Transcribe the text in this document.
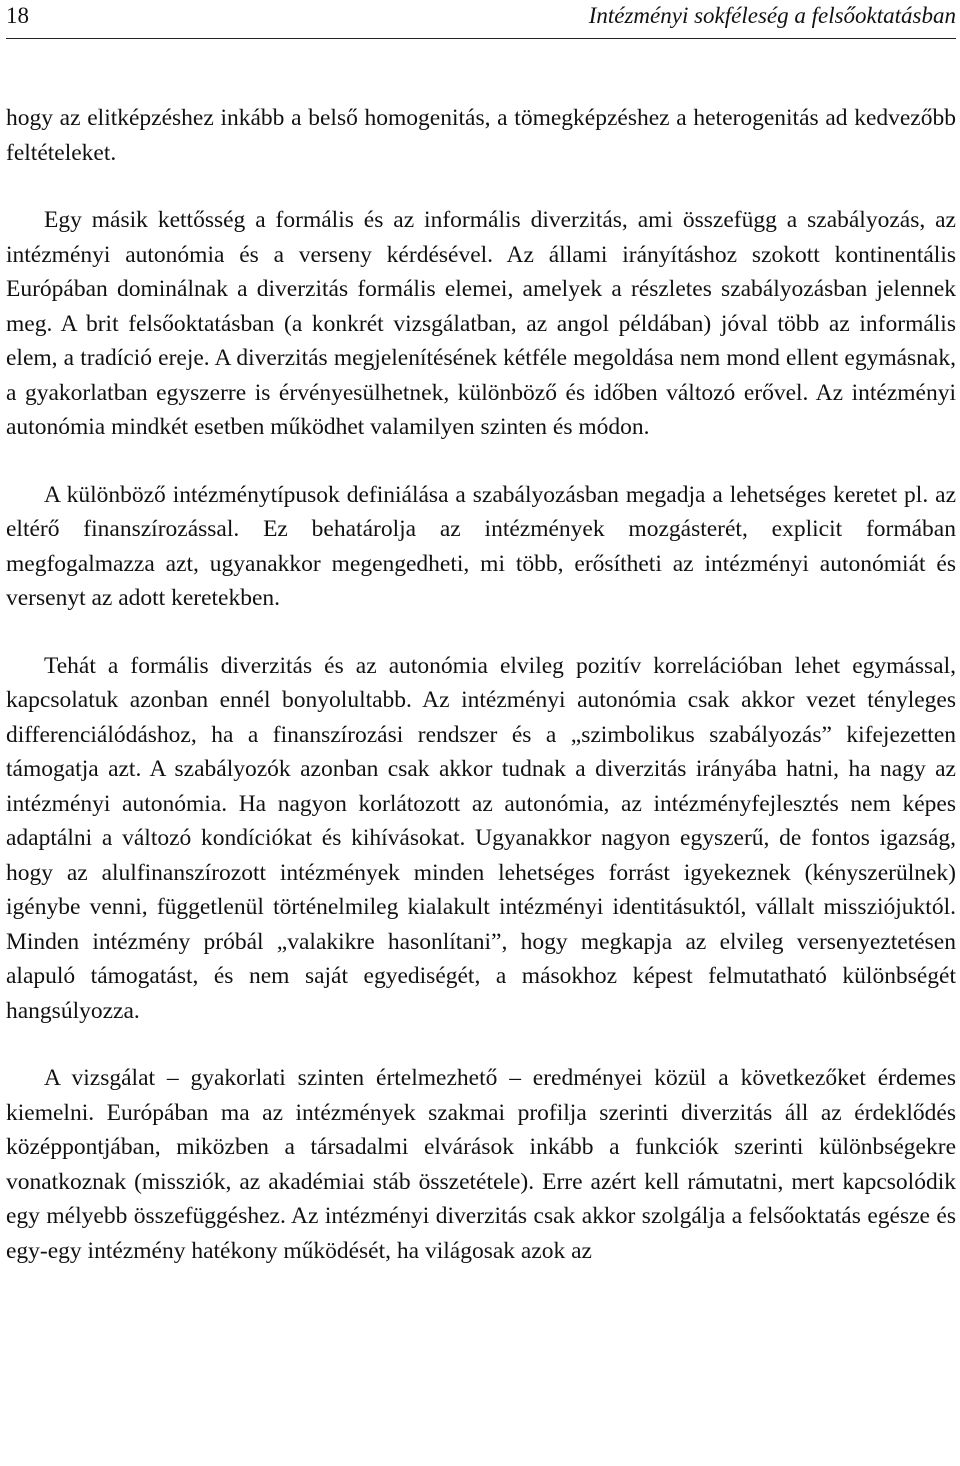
18	Intézményi sokféleség a felsőoktatásban

hogy az elitképzéshez inkább a belső homogenitás, a tömegképzéshez a heterogenitás ad kedvezőbb feltételeket.

Egy másik kettősség a formális és az informális diverzitás, ami összefügg a szabályozás, az intézményi autonómia és a verseny kérdésével. Az állami irányításhoz szokott kontinentális Európában dominálnak a diverzitás formális elemei, amelyek a részletes szabályozásban jelennek meg. A brit felsőoktatásban (a konkrét vizsgálatban, az angol példában) jóval több az informális elem, a tradíció ereje. A diverzitás megjelenítésének kétféle megoldása nem mond ellent egymásnak, a gyakorlatban egyszerre is érvényesülhetnek, különböző és időben változó erővel. Az intézményi autonómia mindkét esetben működhet valamilyen szinten és módon.

A különböző intézménytípusok definiálása a szabályozásban megadja a lehetséges keretet pl. az eltérő finanszírozással. Ez behatárolja az intézmények mozgásterét, explicit formában megfogalmazza azt, ugyanakkor megengedheti, mi több, erősítheti az intézményi autonómiát és versenyt az adott keretekben.

Tehát a formális diverzitás és az autonómia elvileg pozitív korrelációban lehet egymással, kapcsolatuk azonban ennél bonyolultabb. Az intézményi autonómia csak akkor vezet tényleges differenciálódáshoz, ha a finanszírozási rendszer és a „szimbolikus szabályozás” kifejezetten támogatja azt. A szabályozók azonban csak akkor tudnak a diverzitás irányába hatni, ha nagy az intézményi autonómia. Ha nagyon korlátozott az autonómia, az intézményfejlesztés nem képes adaptálni a változó kondíciókat és kihívásokat. Ugyanakkor nagyon egyszerű, de fontos igazság, hogy az alulfinanszírozott intézmények minden lehetséges forrást igyekeznek (kényszerülnek) igénybe venni, függetlenül történelmileg kialakult intézményi identitásuktól, vállalt missziójuktól. Minden intézmény próbál „valakikre hasonlítani”, hogy megkapja az elvileg versenyeztetésen alapuló támogatást, és nem saját egyediségét, a másokhoz képest felmutatható különbségét hangsúlyozza.

A vizsgálat ‒ gyakorlati szinten értelmezhető ‒ eredményei közül a következőket érdemes kiemelni. Európában ma az intézmények szakmai profilja szerinti diverzitás áll az érdeklődés középpontjában, miközben a társadalmi elvárások inkább a funkciók szerinti különbségekre vonatkoznak (missziók, az akadémiai stáb összetétele). Erre azért kell rámutatni, mert kapcsolódik egy mélyebb összefüggéshez. Az intézményi diverzitás csak akkor szolgálja a felsőoktatás egésze és egy-egy intézmény hatékony működését, ha világosak azok az
